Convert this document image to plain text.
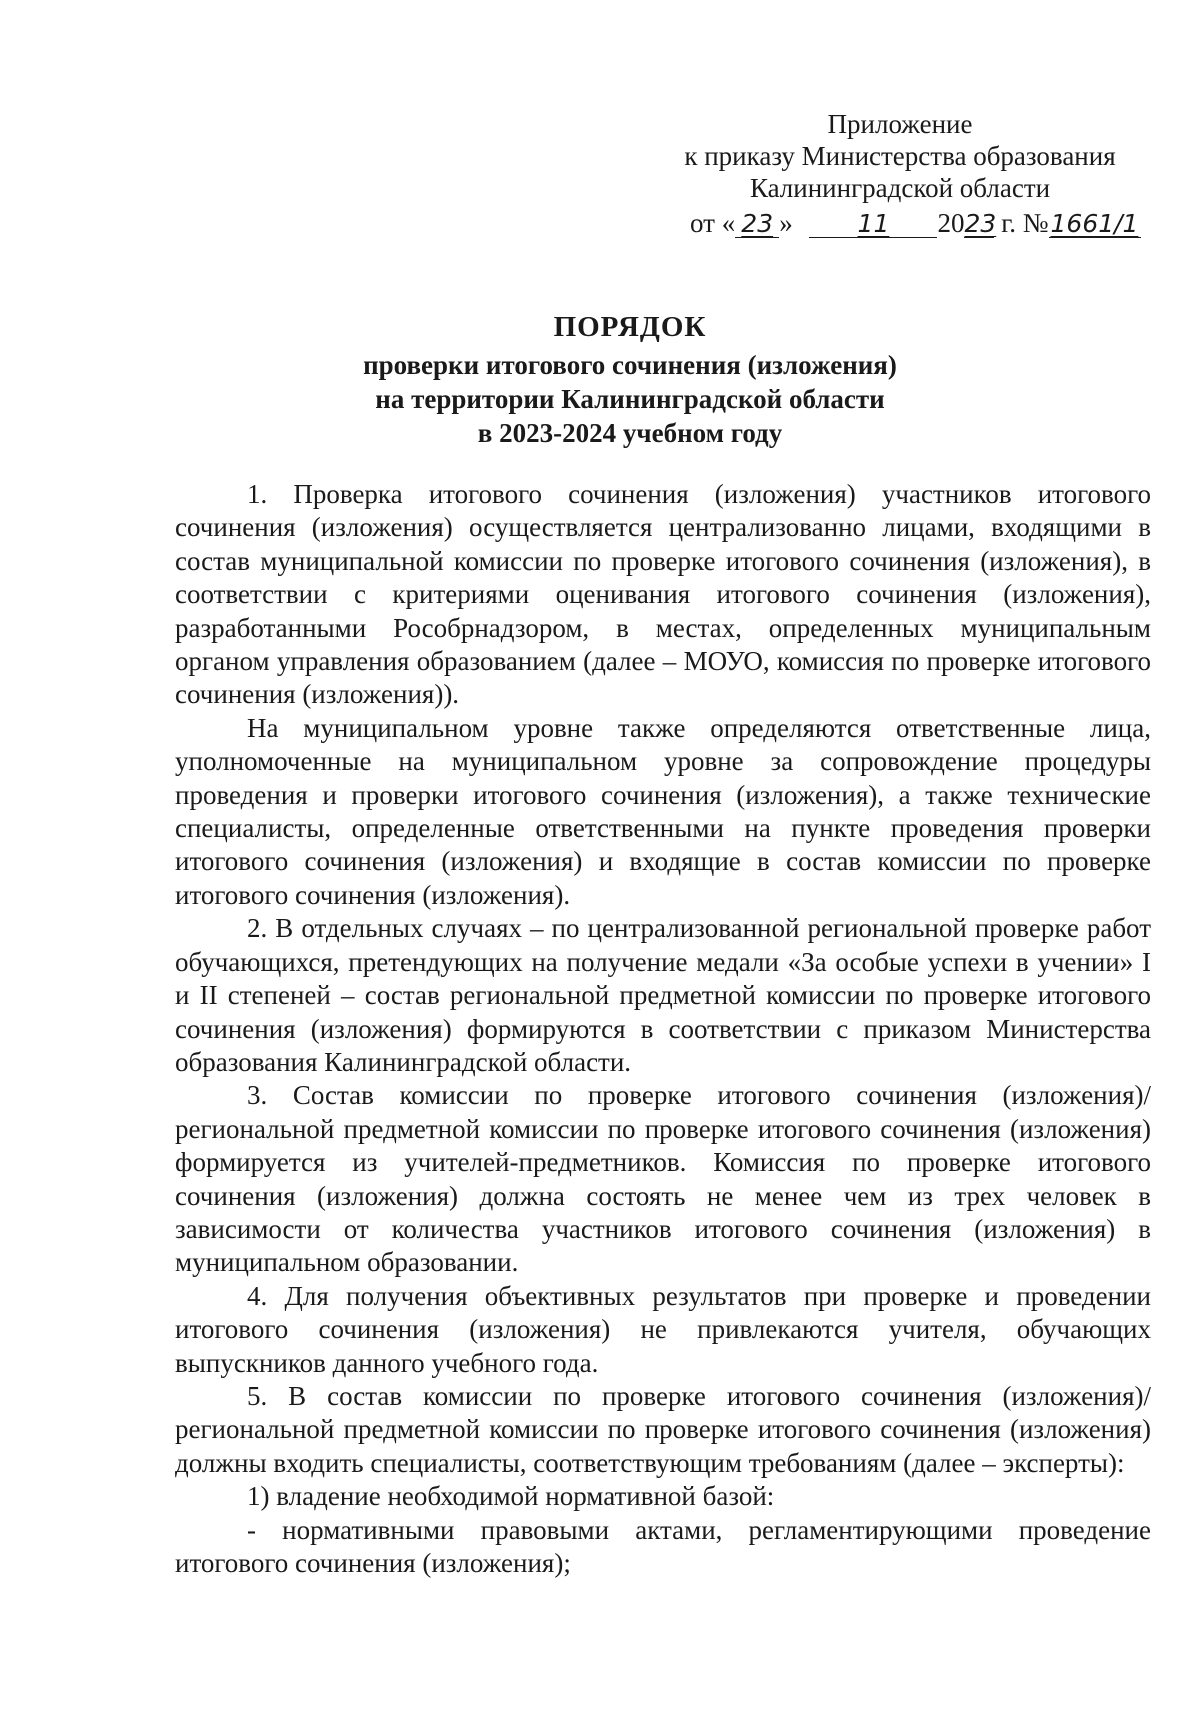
Приложение
к приказу Министерства образования
Калининградской области
от « 23 »	11 2023 г. №1661/1
ПОРЯДОК
проверки итогового сочинения (изложения)
на территории Калининградской области
в 2023-2024 учебном году

1. Проверка итогового сочинения (изложения) участников итогового сочинения (изложения) осуществляется централизованно лицами, входящими в состав муниципальной комиссии по проверке итогового сочинения (изложения), в соответствии с критериями оценивания итогового сочинения (изложения), разработанными Рособрнадзором, в местах, определенных муниципальным органом управления образованием (далее – МОУО, комиссия по проверке итогового сочинения (изложения)).

На муниципальном уровне также определяются ответственные лица, уполномоченные на муниципальном уровне за сопровождение процедуры проведения и проверки итогового сочинения (изложения), а также технические специалисты, определенные ответственными на пункте проведения проверки итогового сочинения (изложения) и входящие в состав комиссии по проверке итогового сочинения (изложения).

2. В отдельных случаях – по централизованной региональной проверке работ обучающихся, претендующих на получение медали «За особые успехи в учении» I и II степеней – состав региональной предметной комиссии по проверке итогового сочинения (изложения) формируются в соответствии с приказом Министерства образования Калининградской области.

3. Состав комиссии по проверке итогового сочинения (изложения)/региональной предметной комиссии по проверке итогового сочинения (изложения) формируется из учителей-предметников. Комиссия по проверке итогового сочинения (изложения) должна состоять не менее чем из трех человек в зависимости от количества участников итогового сочинения (изложения) в муниципальном образовании.

4. Для получения объективных результатов при проверке и проведении итогового сочинения (изложения) не привлекаются учителя, обучающих выпускников данного учебного года.

5. В состав комиссии по проверке итогового сочинения (изложения)/региональной предметной комиссии по проверке итогового сочинения (изложения) должны входить специалисты, соответствующим требованиям (далее – эксперты):

1) владение необходимой нормативной базой:

- нормативными правовыми актами, регламентирующими проведение итогового сочинения (изложения);
